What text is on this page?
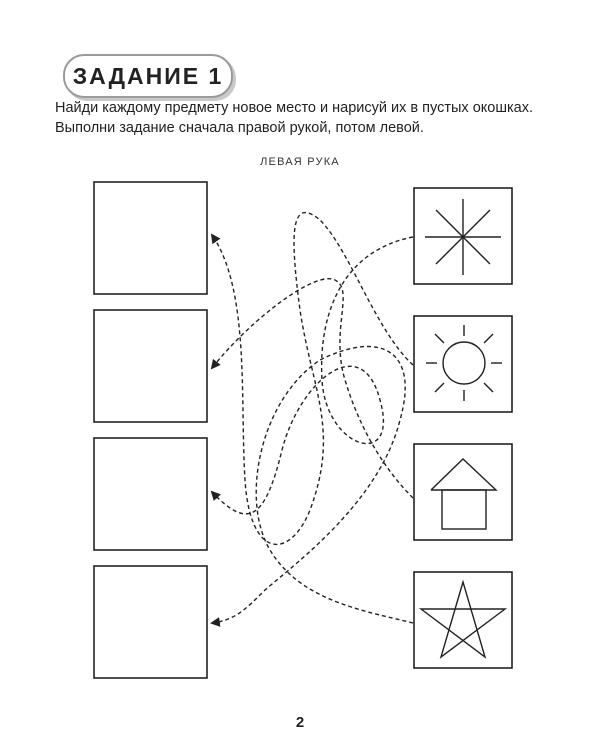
ЗАДАНИЕ 1
Найди каждому предмету новое место и нарисуй их в пустых окошках. Выполни задание сначала правой рукой, потом левой.
ЛЕВАЯ РУКА
2
